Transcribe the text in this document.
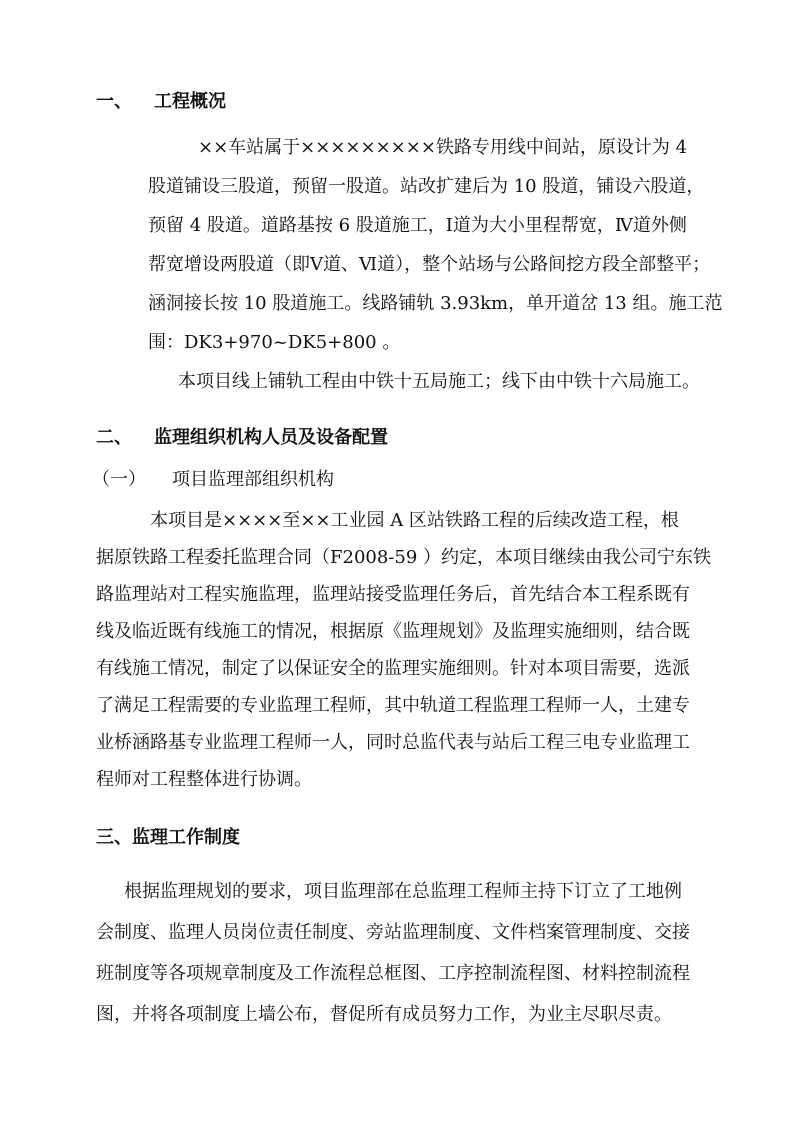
一、 工程概况
××车站属于×××××××××铁路专用线中间站，原设计为 4
股道铺设三股道，预留一股道。站改扩建后为 10 股道，铺设六股道，
预留 4 股道。道路基按 6 股道施工，Ⅰ道为大小里程帮宽，Ⅳ道外侧
帮宽增设两股道（即Ⅴ道、Ⅵ道），整个站场与公路间挖方段全部整平；
涵洞接长按 10 股道施工。线路铺轨 3.93km，单开道岔 13 组。施工范
围：DK3+970~DK5+800 。
本项目线上铺轨工程由中铁十五局施工；线下由中铁十六局施工。
二、 监理组织机构人员及设备配置
（一） 项目监理部组织机构
本项目是××××至××工业园 A 区站铁路工程的后续改造工程，根
据原铁路工程委托监理合同（F2008-59 ）约定，本项目继续由我公司宁东铁
路监理站对工程实施监理，监理站接受监理任务后，首先结合本工程系既有
线及临近既有线施工的情况，根据原《监理规划》及监理实施细则，结合既
有线施工情况，制定了以保证安全的监理实施细则。针对本项目需要，选派
了满足工程需要的专业监理工程师，其中轨道工程监理工程师一人，土建专
业桥涵路基专业监理工程师一人，同时总监代表与站后工程三电专业监理工
程师对工程整体进行协调。
三、监理工作制度
根据监理规划的要求，项目监理部在总监理工程师主持下订立了工地例
会制度、监理人员岗位责任制度、旁站监理制度、文件档案管理制度、交接
班制度等各项规章制度及工作流程总框图、工序控制流程图、材料控制流程
图，并将各项制度上墙公布，督促所有成员努力工作，为业主尽职尽责。
